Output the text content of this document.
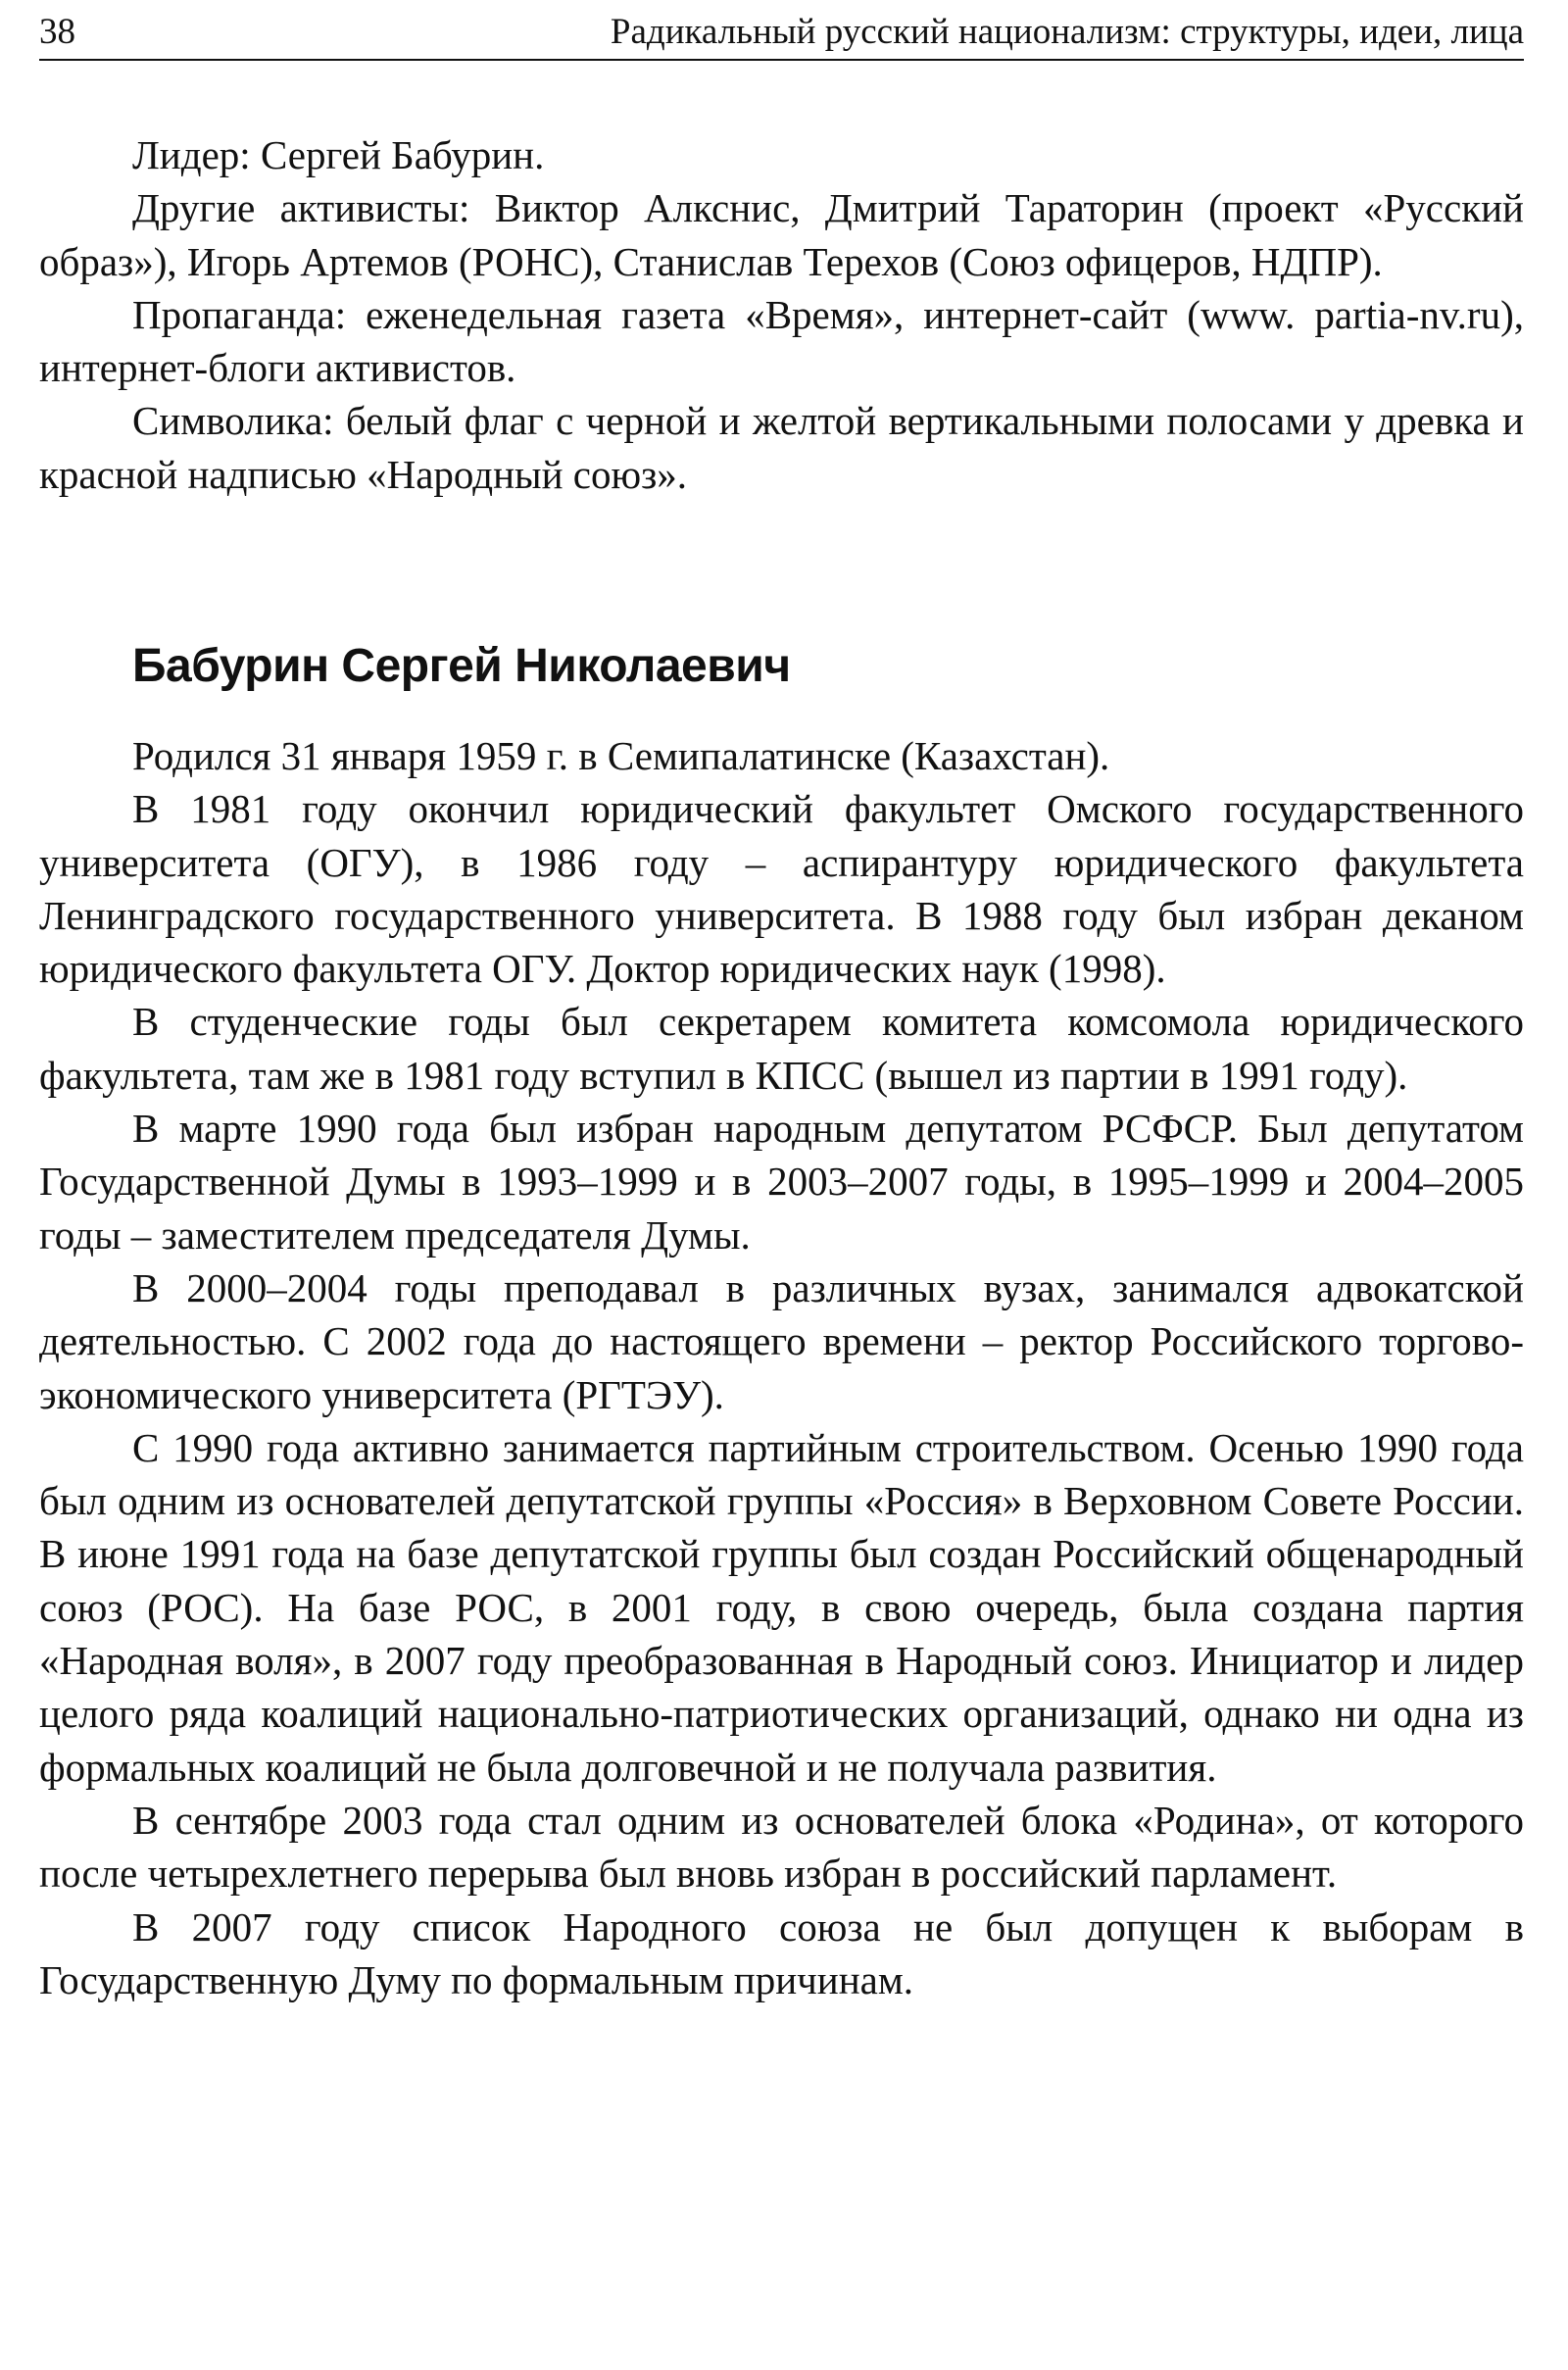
38	Радикальный русский национализм: структуры, идеи, лица

Лидер: Сергей Бабурин.

Другие активисты: Виктор Алкснис, Дмитрий Тараторин (проект «Русский образ»), Игорь Артемов (РОНС), Станислав Терехов (Союз офицеров, НДПР).

Пропаганда: еженедельная газета «Время», интернет-сайт (www. partia-nv.ru), интернет-блоги активистов.

Символика: белый флаг с черной и желтой вертикальными полосами у древка и красной надписью «Народный союз».

Бабурин Сергей Николаевич

Родился 31 января 1959 г. в Семипалатинске (Казахстан).

В 1981 году окончил юридический факультет Омского государственного университета (ОГУ), в 1986 году – аспирантуру юридического факультета Ленинградского государственного университета. В 1988 году был избран деканом юридического факультета ОГУ. Доктор юридических наук (1998).

В студенческие годы был секретарем комитета комсомола юридического факультета, там же в 1981 году вступил в КПСС (вышел из партии в 1991 году).

В марте 1990 года был избран народным депутатом РСФСР. Был депутатом Государственной Думы в 1993–1999 и в 2003–2007 годы, в 1995–1999 и 2004–2005 годы – заместителем председателя Думы.

В 2000–2004 годы преподавал в различных вузах, занимался адвокатской деятельностью. С 2002 года до настоящего времени – ректор Российского торгово-экономического университета (РГТЭУ).

С 1990 года активно занимается партийным строительством. Осенью 1990 года был одним из основателей депутатской группы «Россия» в Верховном Совете России. В июне 1991 года на базе депутатской группы был создан Российский общенародный союз (РОС). На базе РОС, в 2001 году, в свою очередь, была создана партия «Народная воля», в 2007 году преобразованная в Народный союз. Инициатор и лидер целого ряда коалиций национально-патриотических организаций, однако ни одна из формальных коалиций не была долговечной и не получала развития.

В сентябре 2003 года стал одним из основателей блока «Родина», от которого после четырехлетнего перерыва был вновь избран в российский парламент.

В 2007 году список Народного союза не был допущен к выборам в Государственную Думу по формальным причинам.
